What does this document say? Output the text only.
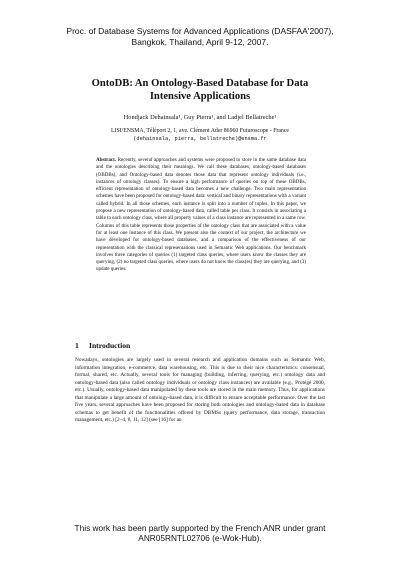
Proc. of Database Systems for Advanced Applications (DASFAA'2007),
Bangkok, Thailand, April 9-12, 2007.
OntoDB: An Ontology-Based Database for Data
Intensive Applications
Hondjack Dehainsala¹, Guy Pierra¹, and Ladjel Bellatreche¹
LISI/ENSMA, Téléport 2, 1, ave. Clément Ader 86960 Futuroscope - France
(dehainsala, pierra, bellatreche)@ensma.fr
Abstract. Recently, several approaches and systems were proposed to store in the same database data and the ontologies describing their meanings. We call these databases, ontology-based databases (OBDBs), and Ontology-based data denotes those data that represent ontology individuals (i.e., instances of ontology classes). To ensure a high performance of queries on top of these OBDBs, efficient representation of ontology-based data becomes a new challenge. Two main representation schemes have been proposed for ontology-based data: vertical and binary representations with a variant called hybrid. In all those schemes, each instance is split into a number of tuples. In this paper, we propose a new representation of ontology-based data, called table per class. It consists in associating a table to each ontology class, where all property values of a class instance are represented in a same row. Columns of this table represents those properties of the ontology class that are associated with a value for at least one instance of this class. We present also the context of our project, the architecture we have developed for ontology-based databases, and a comparison of the effectiveness of our representation with the classical representations used in Semantic Web applications. Our benchmark involves three categories of queries (1) targeted class queries, where users know the classes they are querying, (2) no targeted class queries, where users do not know the class(es) they are querying, and (3) update queries.
1 Introduction
Nowadays, ontologies are largely used in several research and application domains such as Semantic Web, information integration, e-commerce, data warehousing, etc. This is due to their nice characteristics: consensual, formal, shared, etc. Actually, several tools for managing (building, inferring, querying, etc.) ontology data and ontology-based data (also called ontology individuals or ontology class instances) are available (e.g., Protégé 2000, etc.). Usually, ontology-based data manipulated by these tools are stored in the main memory. Thus, for applications that manipulate a large amount of ontology-based data, it is difficult to ensure acceptable performance. Over the last five years, several approaches have been proposed for storing both ontologies and ontology-based data in database schemas to get benefit of the functionalities offered by DBMSs (query performance, data storage, transaction management, etc.) [2–4, 8, 11, 12] (see [16] for an
This work has been partly supported by the French ANR under grant
ANR05RNTL02706 (e-Wok-Hub).
